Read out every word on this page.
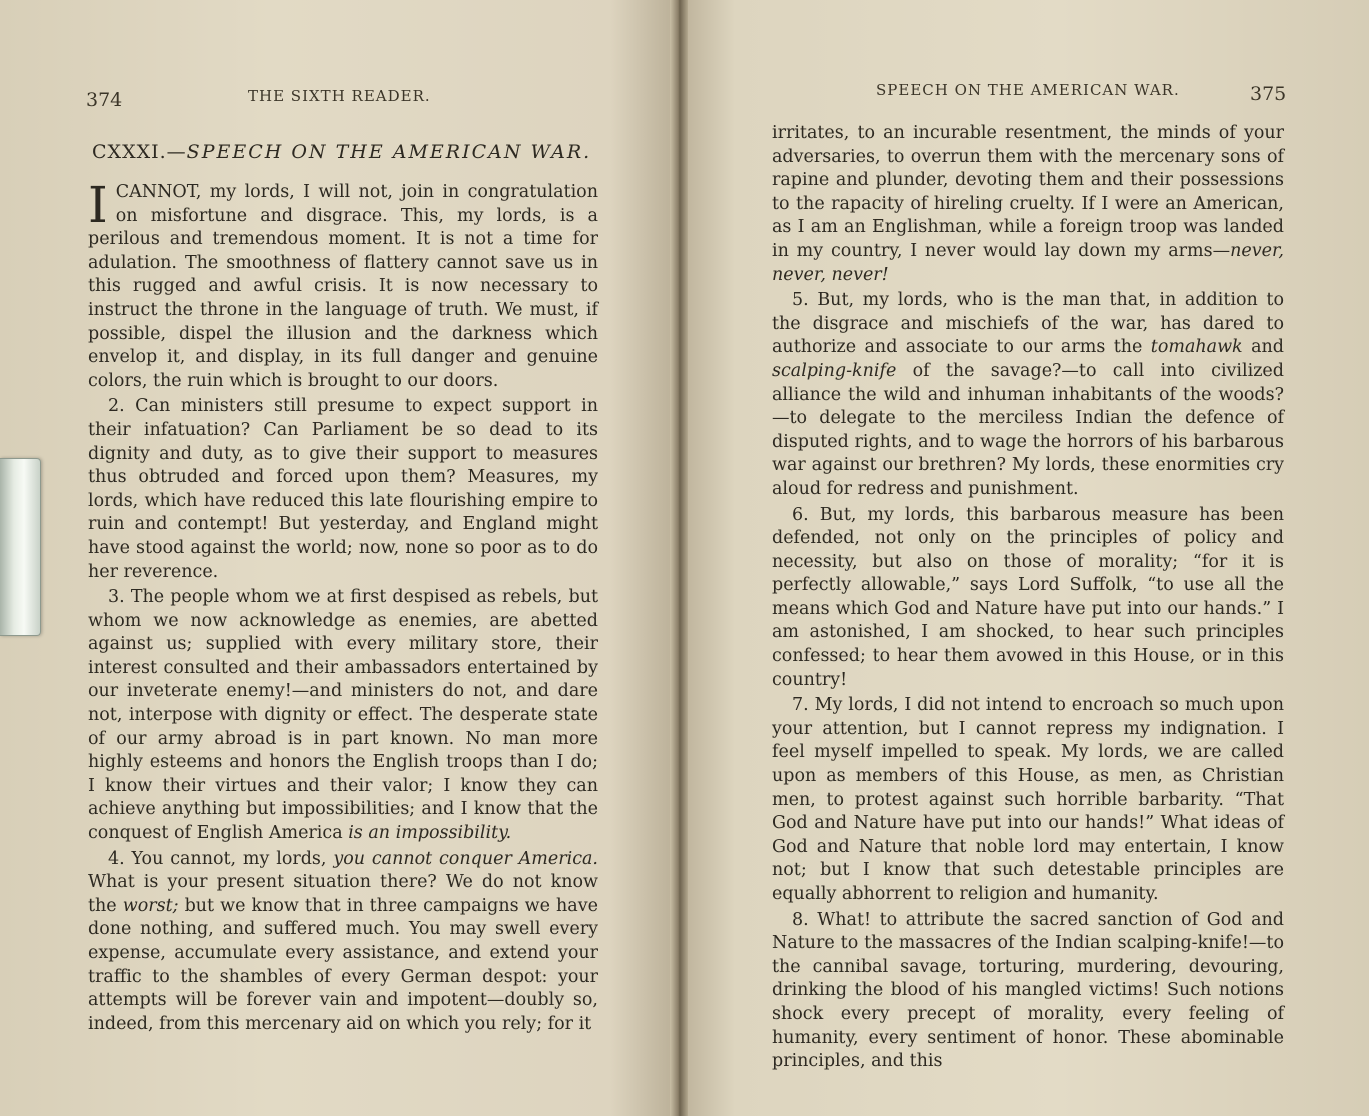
374	THE SIXTH READER.
CXXXI.—SPEECH ON THE AMERICAN WAR.

I CANNOT, my lords, I will not, join in congratulation on misfortune and disgrace. This, my lords, is a perilous and tremendous moment. It is not a time for adulation. The smoothness of flattery cannot save us in this rugged and awful crisis. It is now necessary to instruct the throne in the language of truth. We must, if possible, dispel the illusion and the darkness which envelop it, and display, in its full danger and genuine colors, the ruin which is brought to our doors.

2. Can ministers still presume to expect support in their infatuation? Can Parliament be so dead to its dignity and duty, as to give their support to measures thus obtruded and forced upon them? Measures, my lords, which have reduced this late flourishing empire to ruin and contempt! But yesterday, and England might have stood against the world; now, none so poor as to do her reverence.

3. The people whom we at first despised as rebels, but whom we now acknowledge as enemies, are abetted against us; supplied with every military store, their interest consulted and their ambassadors entertained by our inveterate enemy!—and ministers do not, and dare not, interpose with dignity or effect. The desperate state of our army abroad is in part known. No man more highly esteems and honors the English troops than I do; I know their virtues and their valor; I know they can achieve anything but impossibilities; and I know that the conquest of English America is an impossibility.

4. You cannot, my lords, you cannot conquer America. What is your present situation there? We do not know the worst; but we know that in three campaigns we have done nothing, and suffered much. You may swell every expense, accumulate every assistance, and extend your traffic to the shambles of every German despot: your attempts will be forever vain and impotent—doubly so, indeed, from this mercenary aid on which you rely; for it

SPEECH ON THE AMERICAN WAR.	375

irritates, to an incurable resentment, the minds of your adversaries, to overrun them with the mercenary sons of rapine and plunder, devoting them and their possessions to the rapacity of hireling cruelty. If I were an American, as I am an Englishman, while a foreign troop was landed in my country, I never would lay down my arms—never, never, never!

5. But, my lords, who is the man that, in addition to the disgrace and mischiefs of the war, has dared to authorize and associate to our arms the tomahawk and scalping-knife of the savage?—to call into civilized alliance the wild and inhuman inhabitants of the woods?—to delegate to the merciless Indian the defence of disputed rights, and to wage the horrors of his barbarous war against our brethren? My lords, these enormities cry aloud for redress and punishment.

6. But, my lords, this barbarous measure has been defended, not only on the principles of policy and necessity, but also on those of morality; “for it is perfectly allowable,” says Lord Suffolk, “to use all the means which God and Nature have put into our hands.” I am astonished, I am shocked, to hear such principles confessed; to hear them avowed in this House, or in this country!

7. My lords, I did not intend to encroach so much upon your attention, but I cannot repress my indignation. I feel myself impelled to speak. My lords, we are called upon as members of this House, as men, as Christian men, to protest against such horrible barbarity. “That God and Nature have put into our hands!” What ideas of God and Nature that noble lord may entertain, I know not; but I know that such detestable principles are equally abhorrent to religion and humanity.

8. What! to attribute the sacred sanction of God and Nature to the massacres of the Indian scalping-knife!—to the cannibal savage, torturing, murdering, devouring, drinking the blood of his mangled victims! Such notions shock every precept of morality, every feeling of humanity, every sentiment of honor. These abominable principles, and this
